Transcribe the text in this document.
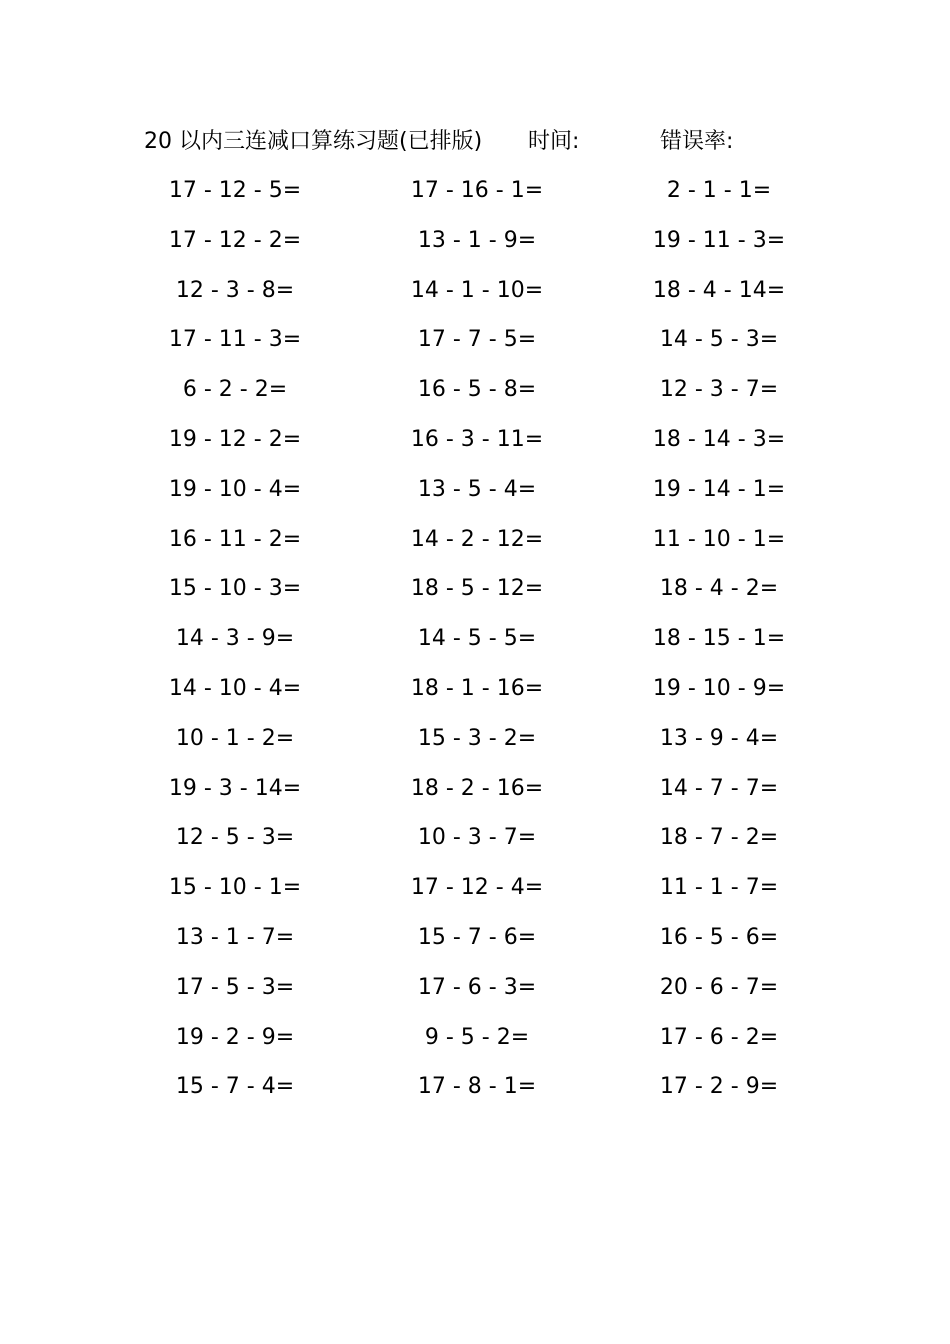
20 以内三连减口算练习题(已排版) 时间:	错误率:
17 - 12 - 5=
17 - 12 - 2=
12 - 3 - 8=
17 - 11 - 3=
6 - 2 - 2=
19 - 12 - 2=
19 - 10 - 4=
16 - 11 - 2=
15 - 10 - 3=
14 - 3 - 9=
14 - 10 - 4=
10 - 1 - 2=
19 - 3 - 14=
12 - 5 - 3=
15 - 10 - 1=
13 - 1 - 7=
17 - 5 - 3=
19 - 2 - 9=
15 - 7 - 4=
17 - 16 - 1=
13 - 1 - 9=
14 - 1 - 10=
17 - 7 - 5=
16 - 5 - 8=
16 - 3 - 11=
13 - 5 - 4=
14 - 2 - 12=
18 - 5 - 12=
14 - 5 - 5=
18 - 1 - 16=
15 - 3 - 2=
18 - 2 - 16=
10 - 3 - 7=
17 - 12 - 4=
15 - 7 - 6=
17 - 6 - 3=
9 - 5 - 2=
17 - 8 - 1=
2 - 1 - 1=
19 - 11 - 3=
18 - 4 - 14=
14 - 5 - 3=
12 - 3 - 7=
18 - 14 - 3=
19 - 14 - 1=
11 - 10 - 1=
18 - 4 - 2=
18 - 15 - 1=
19 - 10 - 9=
13 - 9 - 4=
14 - 7 - 7=
18 - 7 - 2=
11 - 1 - 7=
16 - 5 - 6=
20 - 6 - 7=
17 - 6 - 2=
17 - 2 - 9=
